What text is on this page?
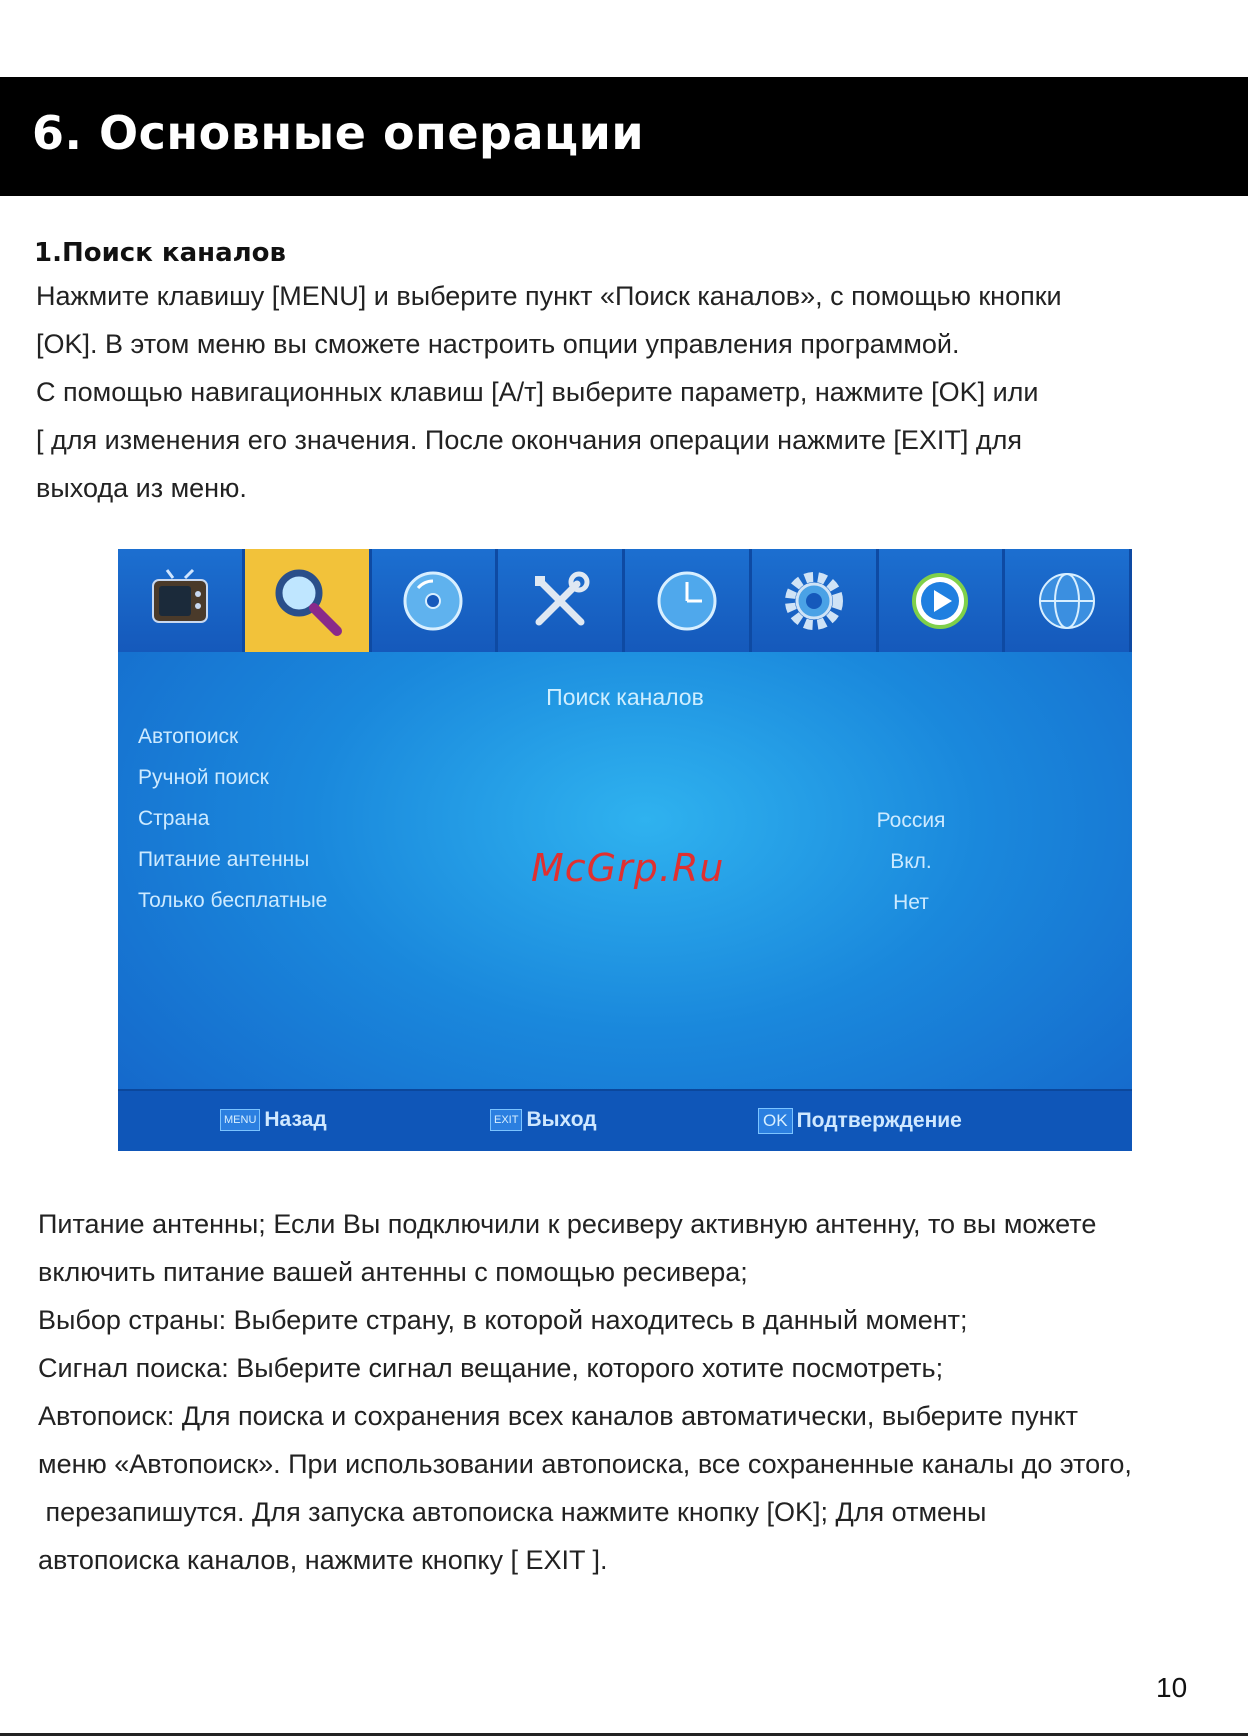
6. Основные операции
1.Поиск каналов
Нажмите клавишу [MENU] и выберите пункт «Поиск каналов», с помощью кнопки
[OK]. В этом меню вы сможете настроить опции управления программой.
С помощью навигационных клавиш [А/т] выберите параметр, нажмите [OK] или
[ для изменения его значения. После окончания операции нажмите [EXIT] для
выхода из меню.
Поиск каналов
Автопоиск
Ручной поиск
Страна	Россия
Питание антенны	Вкл.
Только бесплатные	Нет
McGrp.Ru
MENU Назад	EXIT Выход	OK Подтверждение
Питание антенны; Если Вы подключили к ресиверу активную антенну, то вы можете
включить питание вашей антенны с помощью ресивера;
Выбор страны: Выберите страну, в которой находитесь в данный момент;
Сигнал поиска: Выберите сигнал вещание, которого хотите посмотреть;
Автопоиск: Для поиска и сохранения всех каналов автоматически, выберите пункт
меню «Автопоиск». При использовании автопоиска, все сохраненные каналы до этого,
перезапишутся. Для запуска автопоиска нажмите кнопку [OK]; Для отмены
автопоиска каналов, нажмите кнопку [ EXIT ].
10
